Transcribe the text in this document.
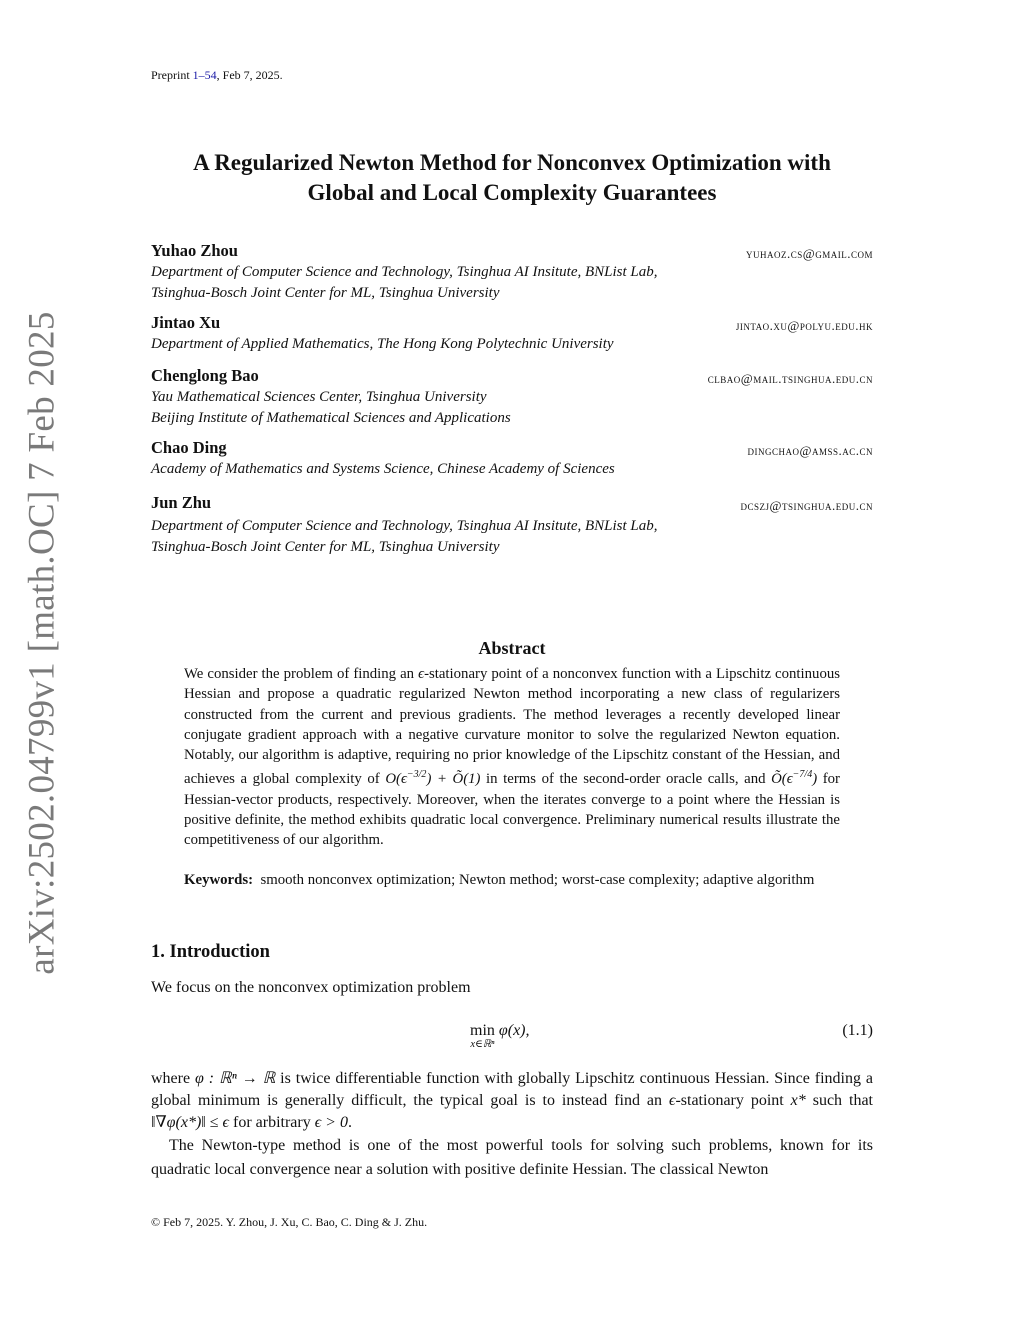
Preprint 1–54, Feb 7, 2025.
arXiv:2502.04799v1 [math.OC] 7 Feb 2025
A Regularized Newton Method for Nonconvex Optimization with
Global and Local Complexity Guarantees
Yuhao Zhou	yuhaoz.cs@gmail.com
Department of Computer Science and Technology, Tsinghua AI Insitute, BNList Lab,
Tsinghua-Bosch Joint Center for ML, Tsinghua University
Jintao Xu	jintao.xu@polyu.edu.hk
Department of Applied Mathematics, The Hong Kong Polytechnic University
Chenglong Bao	clbao@mail.tsinghua.edu.cn
Yau Mathematical Sciences Center, Tsinghua University
Beijing Institute of Mathematical Sciences and Applications
Chao Ding	dingchao@amss.ac.cn
Academy of Mathematics and Systems Science, Chinese Academy of Sciences
Jun Zhu	dcszj@tsinghua.edu.cn
Department of Computer Science and Technology, Tsinghua AI Insitute, BNList Lab,
Tsinghua-Bosch Joint Center for ML, Tsinghua University
Abstract
We consider the problem of finding an ϵ-stationary point of a nonconvex function with a Lipschitz continuous Hessian and propose a quadratic regularized Newton method incorporating a new class of regularizers constructed from the current and previous gradients. The method leverages a recently developed linear conjugate gradient approach with a negative curvature monitor to solve the regularized Newton equation. Notably, our algorithm is adaptive, requiring no prior knowledge of the Lipschitz constant of the Hessian, and achieves a global complexity of $O(\epsilon^{-3/2})$ + Õ(1) in terms of the second-order oracle calls, and $Õ(\epsilon^{-7/4})$ for Hessian-vector products, respectively. Moreover, when the iterates converge to a point where the Hessian is positive definite, the method exhibits quadratic local convergence. Preliminary numerical results illustrate the competitiveness of our algorithm.
Keywords: smooth nonconvex optimization; Newton method; worst-case complexity; adaptive algorithm
1. Introduction
We focus on the nonconvex optimization problem
min
x∈ℝⁿ
φ(x),	(1.1)
where φ : ℝⁿ → ℝ is twice differentiable function with globally Lipschitz continuous Hessian. Since finding a global minimum is generally difficult, the typical goal is to instead find an ϵ-stationary point x* such that ‖∇φ(x*)‖ ≤ ϵ for arbitrary ϵ > 0.
The Newton-type method is one of the most powerful tools for solving such problems, known for its quadratic local convergence near a solution with positive definite Hessian. The classical Newton
© Feb 7, 2025. Y. Zhou, J. Xu, C. Bao, C. Ding & J. Zhu.
